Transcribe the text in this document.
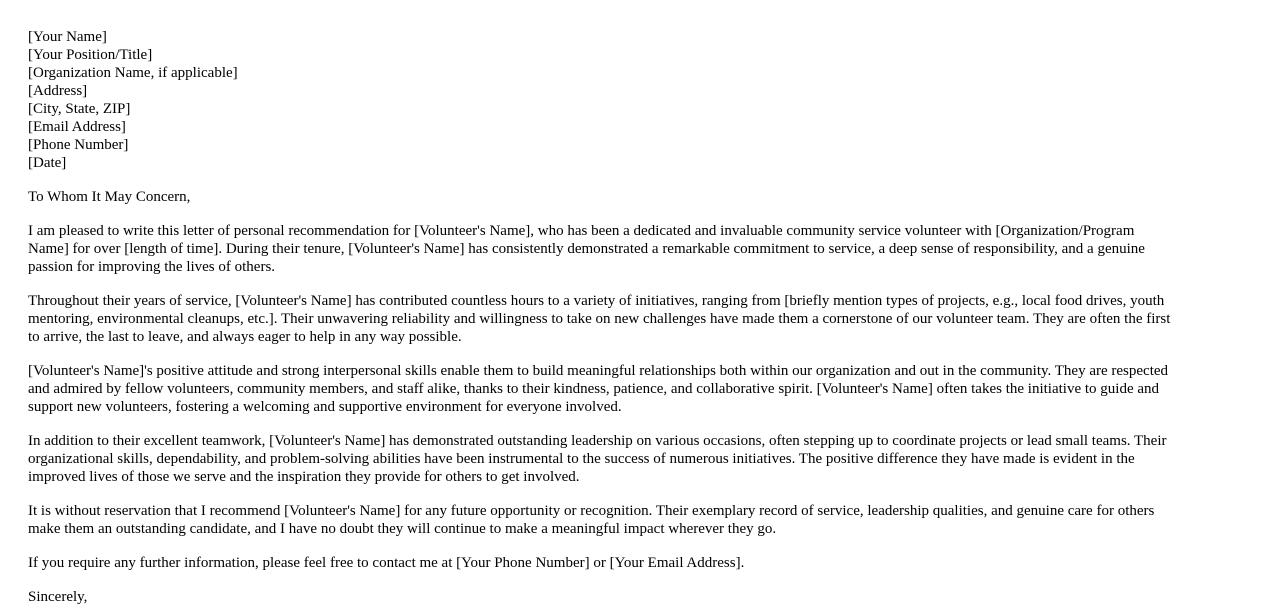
[Your Name]
[Your Position/Title]
[Organization Name, if applicable]
[Address]
[City, State, ZIP]
[Email Address]
[Phone Number]
[Date]
To Whom It May Concern,
I am pleased to write this letter of personal recommendation for [Volunteer's Name], who has been a dedicated and invaluable community service volunteer with [Organization/Program
Name] for over [length of time]. During their tenure, [Volunteer's Name] has consistently demonstrated a remarkable commitment to service, a deep sense of responsibility, and a genuine
passion for improving the lives of others.
Throughout their years of service, [Volunteer's Name] has contributed countless hours to a variety of initiatives, ranging from [briefly mention types of projects, e.g., local food drives, youth
mentoring, environmental cleanups, etc.]. Their unwavering reliability and willingness to take on new challenges have made them a cornerstone of our volunteer team. They are often the first
to arrive, the last to leave, and always eager to help in any way possible.
[Volunteer's Name]'s positive attitude and strong interpersonal skills enable them to build meaningful relationships both within our organization and out in the community. They are respected
and admired by fellow volunteers, community members, and staff alike, thanks to their kindness, patience, and collaborative spirit. [Volunteer's Name] often takes the initiative to guide and
support new volunteers, fostering a welcoming and supportive environment for everyone involved.
In addition to their excellent teamwork, [Volunteer's Name] has demonstrated outstanding leadership on various occasions, often stepping up to coordinate projects or lead small teams. Their
organizational skills, dependability, and problem-solving abilities have been instrumental to the success of numerous initiatives. The positive difference they have made is evident in the
improved lives of those we serve and the inspiration they provide for others to get involved.
It is without reservation that I recommend [Volunteer's Name] for any future opportunity or recognition. Their exemplary record of service, leadership qualities, and genuine care for others
make them an outstanding candidate, and I have no doubt they will continue to make a meaningful impact wherever they go.
If you require any further information, please feel free to contact me at [Your Phone Number] or [Your Email Address].
Sincerely,
